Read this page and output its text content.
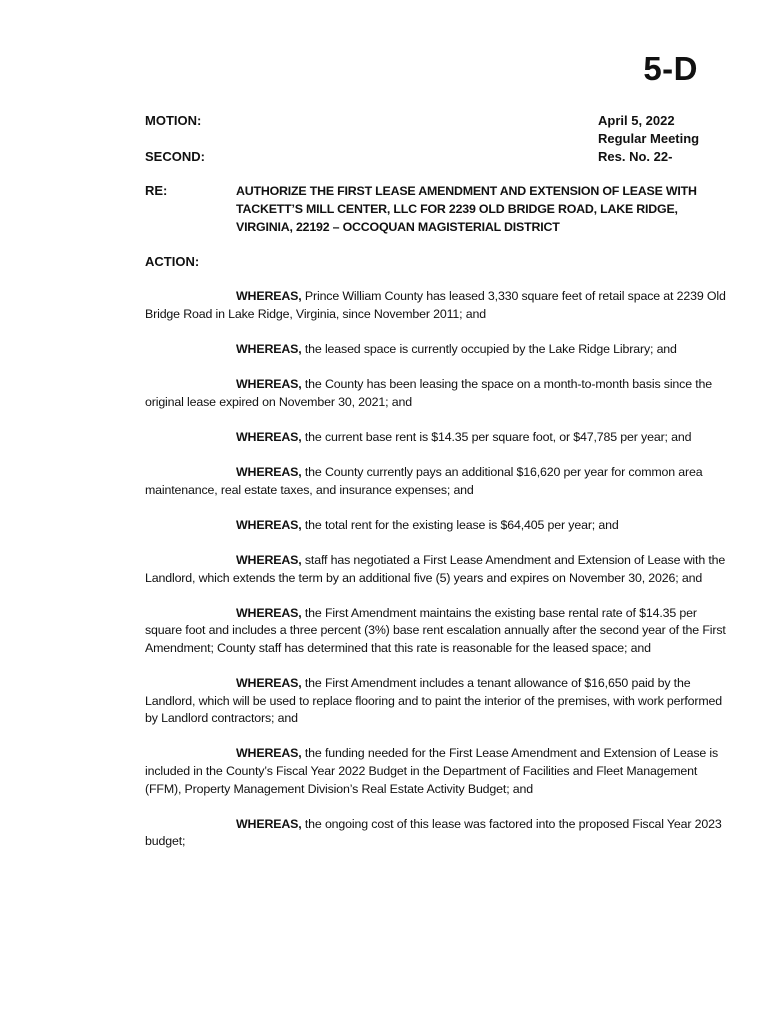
5-D
MOTION:
SECOND:
April 5, 2022
Regular Meeting
Res. No. 22-
RE:	AUTHORIZE THE FIRST LEASE AMENDMENT AND EXTENSION OF LEASE WITH TACKETT’S MILL CENTER, LLC FOR 2239 OLD BRIDGE ROAD, LAKE RIDGE, VIRGINIA, 22192 – OCCOQUAN MAGISTERIAL DISTRICT
ACTION:

WHEREAS, Prince William County has leased 3,330 square feet of retail space at 2239 Old Bridge Road in Lake Ridge, Virginia, since November 2011; and

WHEREAS, the leased space is currently occupied by the Lake Ridge Library; and

WHEREAS, the County has been leasing the space on a month-to-month basis since the original lease expired on November 30, 2021; and

WHEREAS, the current base rent is $14.35 per square foot, or $47,785 per year; and

WHEREAS, the County currently pays an additional $16,620 per year for common area maintenance, real estate taxes, and insurance expenses; and

WHEREAS, the total rent for the existing lease is $64,405 per year; and

WHEREAS, staff has negotiated a First Lease Amendment and Extension of Lease with the Landlord, which extends the term by an additional five (5) years and expires on November 30, 2026; and

WHEREAS, the First Amendment maintains the existing base rental rate of $14.35 per square foot and includes a three percent (3%) base rent escalation annually after the second year of the First Amendment; County staff has determined that this rate is reasonable for the leased space; and

WHEREAS, the First Amendment includes a tenant allowance of $16,650 paid by the Landlord, which will be used to replace flooring and to paint the interior of the premises, with work performed by Landlord contractors; and

WHEREAS, the funding needed for the First Lease Amendment and Extension of Lease is included in the County’s Fiscal Year 2022 Budget in the Department of Facilities and Fleet Management (FFM), Property Management Division’s Real Estate Activity Budget; and

WHEREAS, the ongoing cost of this lease was factored into the proposed Fiscal Year 2023 budget;
